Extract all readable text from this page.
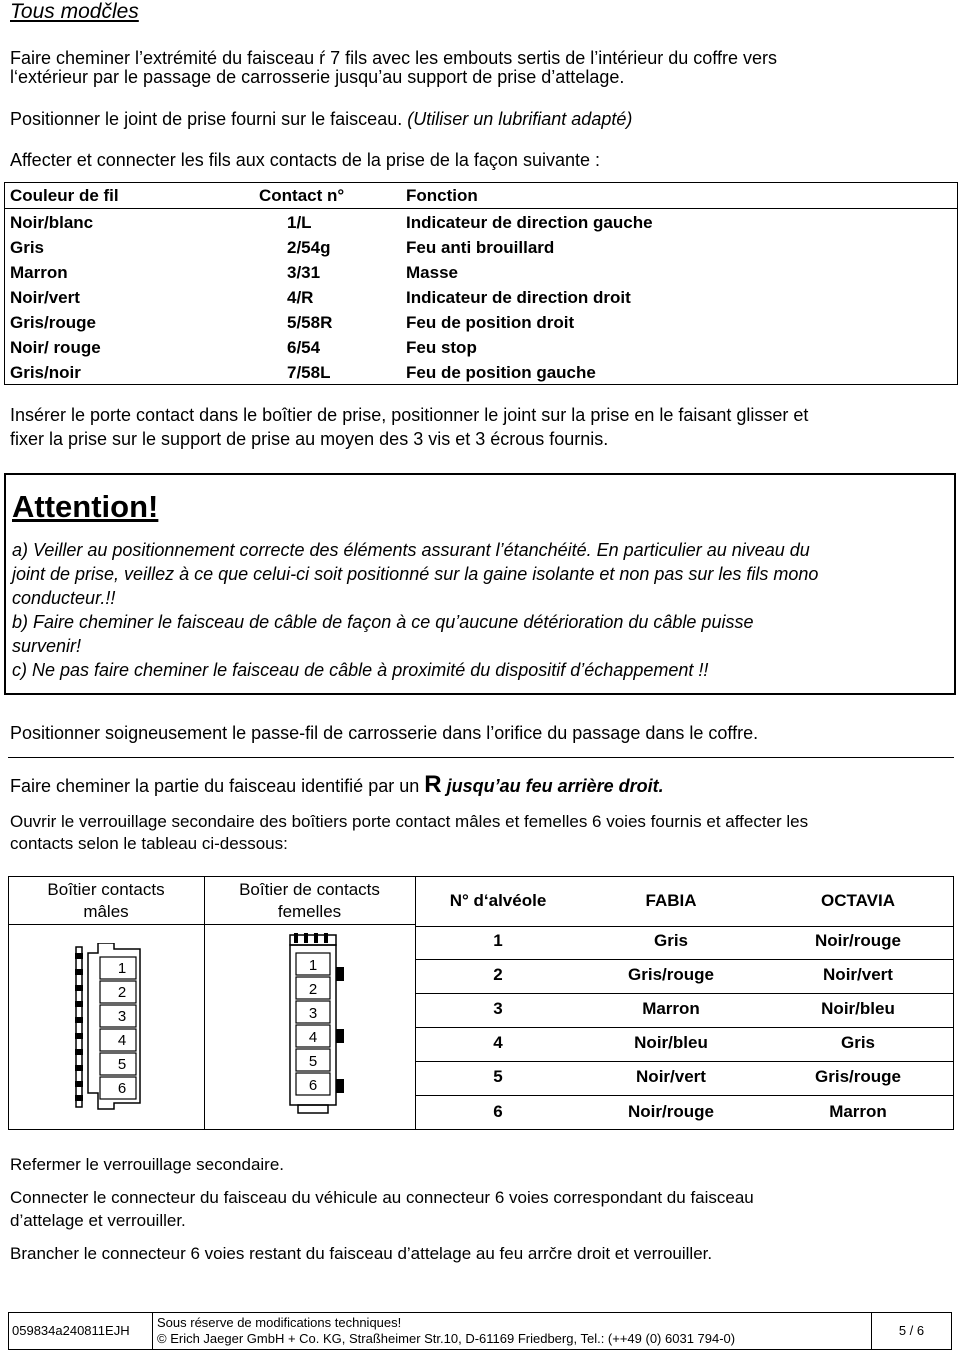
Tous modčles
Faire cheminer l’extrémité du faisceau ŕ 7 fils avec les embouts sertis de l’intérieur du coffre vers
l‘extérieur par le passage de carrosserie jusqu’au support de prise d’attelage.
Positionner le joint de prise fourni sur le faisceau. (Utiliser un lubrifiant adapté)
Affecter et connecter les fils aux contacts de la prise de la façon suivante :
Couleur de fil	Contact n°	Fonction
Noir/blanc	1/L	Indicateur de direction gauche
Gris	2/54g	Feu anti brouillard
Marron	3/31	Masse
Noir/vert	4/R	Indicateur de direction droit
Gris/rouge	5/58R	Feu de position droit
Noir/ rouge	6/54	Feu stop
Gris/noir	7/58L	Feu de position gauche
Insérer le porte contact dans le boîtier de prise, positionner le joint sur la prise en le faisant glisser et
fixer la prise sur le support de prise au moyen des 3 vis et 3 écrous fournis.
Attention!
a) Veiller au positionnement correcte des éléments assurant l’étanchéité. En particulier au niveau du
joint de prise, veillez à ce que celui-ci soit positionné sur la gaine isolante et non pas sur les fils mono
conducteur.!!
b) Faire cheminer le faisceau de câble de façon à ce qu’aucune détérioration du câble puisse
survenir!
c) Ne pas faire cheminer le faisceau de câble à proximité du dispositif d’échappement !!
Positionner soigneusement le passe-fil de carrosserie dans l’orifice du passage dans le coffre.
Faire cheminer la partie du faisceau identifié par un R jusqu’au feu arrière droit.
Ouvrir le verrouillage secondaire des boîtiers porte contact mâles et femelles 6 voies fournis et affecter les
contacts selon le tableau ci-dessous:
Boîtier contacts
mâles
Boîtier de contacts
femelles
1
2
3
4
5
6
1
2
3
4
5
6
N° d‘alvéole	FABIA	OCTAVIA
1	Gris	Noir/rouge
2	Gris/rouge	Noir/vert
3	Marron	Noir/bleu
4	Noir/bleu	Gris
5	Noir/vert	Gris/rouge
6	Noir/rouge	Marron
Refermer le verrouillage secondaire.
Connecter le connecteur du faisceau du véhicule au connecteur 6 voies correspondant du faisceau
d’attelage et verrouiller.
Brancher le connecteur 6 voies restant du faisceau d’attelage au feu arrčre droit et verrouiller.
059834a240811EJH
Sous réserve de modifications techniques!
© Erich Jaeger GmbH + Co. KG, Straßheimer Str.10, D-61169 Friedberg, Tel.: (++49 (0) 6031 794-0)
5 / 6
